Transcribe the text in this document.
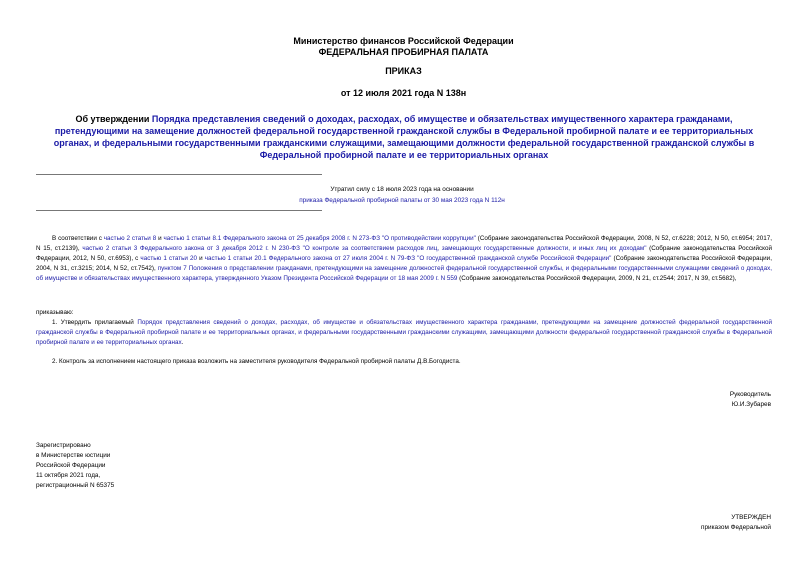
Министерство финансов Российской Федерации
ФЕДЕРАЛЬНАЯ ПРОБИРНАЯ ПАЛАТА
ПРИКАЗ
от 12 июля 2021 года N 138н
Об утверждении Порядка представления сведений о доходах, расходах, об имуществе и обязательствах имущественного характера гражданами, претендующими на замещение должностей федеральной государственной гражданской службы в Федеральной пробирной палате и ее территориальных органах, и федеральными государственными гражданскими служащими, замещающими должности федеральной государственной гражданской службы в Федеральной пробирной палате и ее территориальных органах
Утратил силу с 18 июля 2023 года на основании
приказа Федеральной пробирной палаты от 30 мая 2023 года N 112н
В соответствии с частью 2 статьи 8 и частью 1 статьи 8.1 Федерального закона от 25 декабря 2008 г. N 273-ФЗ "О противодействии коррупции" (Собрание законодательства Российской Федерации, 2008, N 52, ст.6228; 2012, N 50, ст.6954; 2017, N 15, ст.2139), частью 2 статьи 3 Федерального закона от 3 декабря 2012 г. N 230-ФЗ "О контроле за соответствием расходов лиц, замещающих государственные должности, и иных лиц их доходам" (Собрание законодательства Российской Федерации, 2012, N 50, ст.6953), с частью 1 статьи 20 и частью 1 статьи 20.1 Федерального закона от 27 июля 2004 г. N 79-ФЗ "О государственной гражданской службе Российской Федерации" (Собрание законодательства Российской Федерации, 2004, N 31, ст.3215; 2014, N 52, ст.7542), пунктом 7 Положения о представлении гражданами, претендующими на замещение должностей федеральной государственной службы, и федеральными государственными служащими сведений о доходах, об имуществе и обязательствах имущественного характера, утвержденного Указом Президента Российской Федерации от 18 мая 2009 г. N 559 (Собрание законодательства Российской Федерации, 2009, N 21, ст.2544; 2017, N 39, ст.5682),
приказываю:
1. Утвердить прилагаемый Порядок представления сведений о доходах, расходах, об имуществе и обязательствах имущественного характера гражданами, претендующими на замещение должностей федеральной государственной гражданской службы в Федеральной пробирной палате и ее территориальных органах, и федеральными государственными гражданскими служащими, замещающими должности федеральной государственной гражданской службы в Федеральной пробирной палате и ее территориальных органах.
2. Контроль за исполнением настоящего приказа возложить на заместителя руководителя Федеральной пробирной палаты Д.В.Богодиста.
Руководитель
Ю.И.Зубарев
Зарегистрировано
в Министерстве юстиции
Российской Федерации
11 октября 2021 года,
регистрационный N 65375
УТВЕРЖДЕН
приказом Федеральной
